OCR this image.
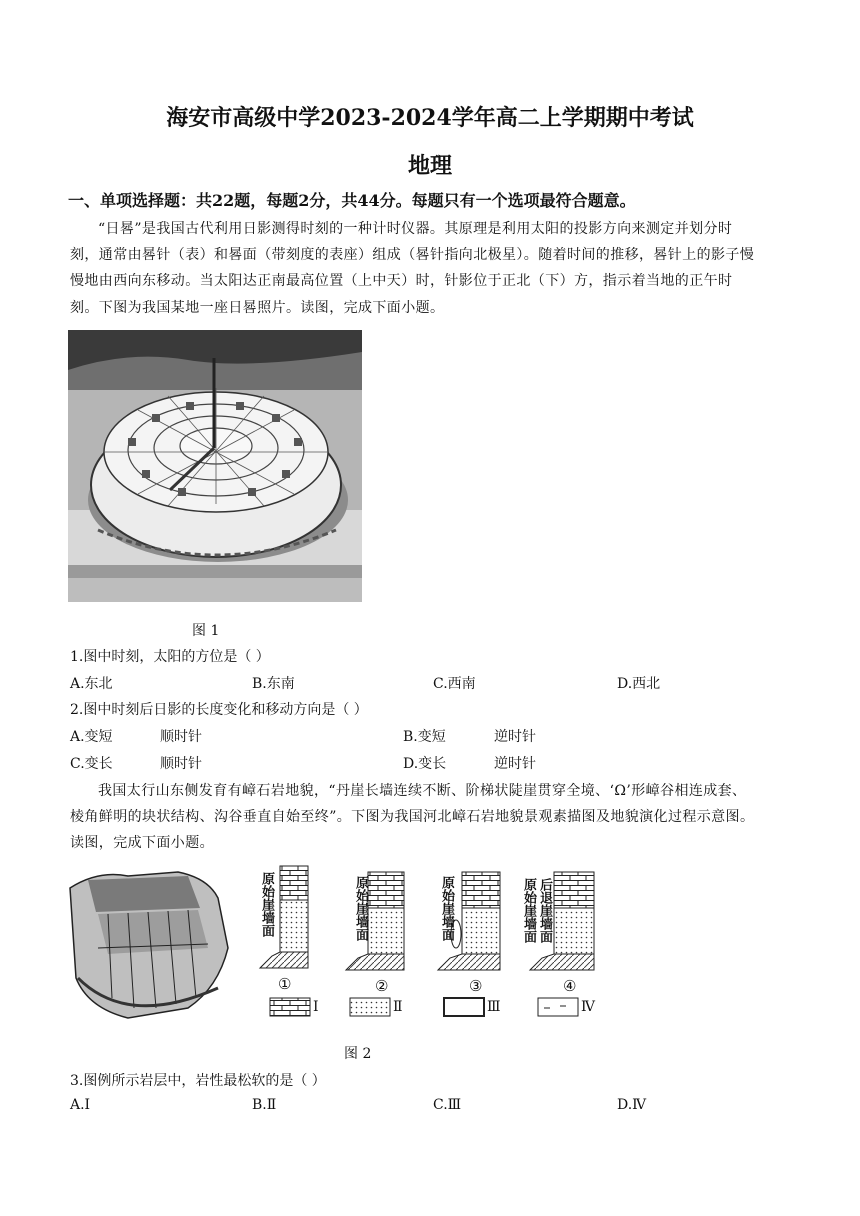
海安市高级中学2023-2024学年高二上学期期中考试
地理
一、单项选择题：共22题，每题2分，共44分。每题只有一个选项最符合题意。
“日晷”是我国古代利用日影测得时刻的一种计时仪器。其原理是利用太阳的投影方向来测定并划分时
刻，通常由晷针（表）和晷面（带刻度的表座）组成（晷针指向北极星）。随着时间的推移，晷针上的影子慢
慢地由西向东移动。当太阳达正南最高位置（上中天）时，针影位于正北（下）方，指示着当地的正午时
刻。下图为我国某地一座日晷照片。读图，完成下面小题。
图 1
1.图中时刻，太阳的方位是（ ）
A.东北	B.东南	C.西南	D.西北
2.图中时刻后日影的长度变化和移动方向是（ ）
A.变短	顺时针	B.变短	逆时针
C.变长	顺时针	D.变长	逆时针
我国太行山东侧发育有嶂石岩地貌，“丹崖长墙连续不断、阶梯状陡崖贯穿全境、‘Ω’形嶂谷相连成套、
棱角鲜明的块状结构、沟谷垂直自始至终”。下图为我国河北嶂石岩地貌景观素描图及地貌演化过程示意图。
读图，完成下面小题。
原始崖墙面	原始崖墙面	原始崖墙面	原始崖墙面 后退崖墙面
①	②	③	④
Ⅰ	Ⅱ	Ⅲ	Ⅳ
图 2
3.图例所示岩层中，岩性最松软的是（ ）
A.Ⅰ	B.Ⅱ	C.Ⅲ	D.Ⅳ
